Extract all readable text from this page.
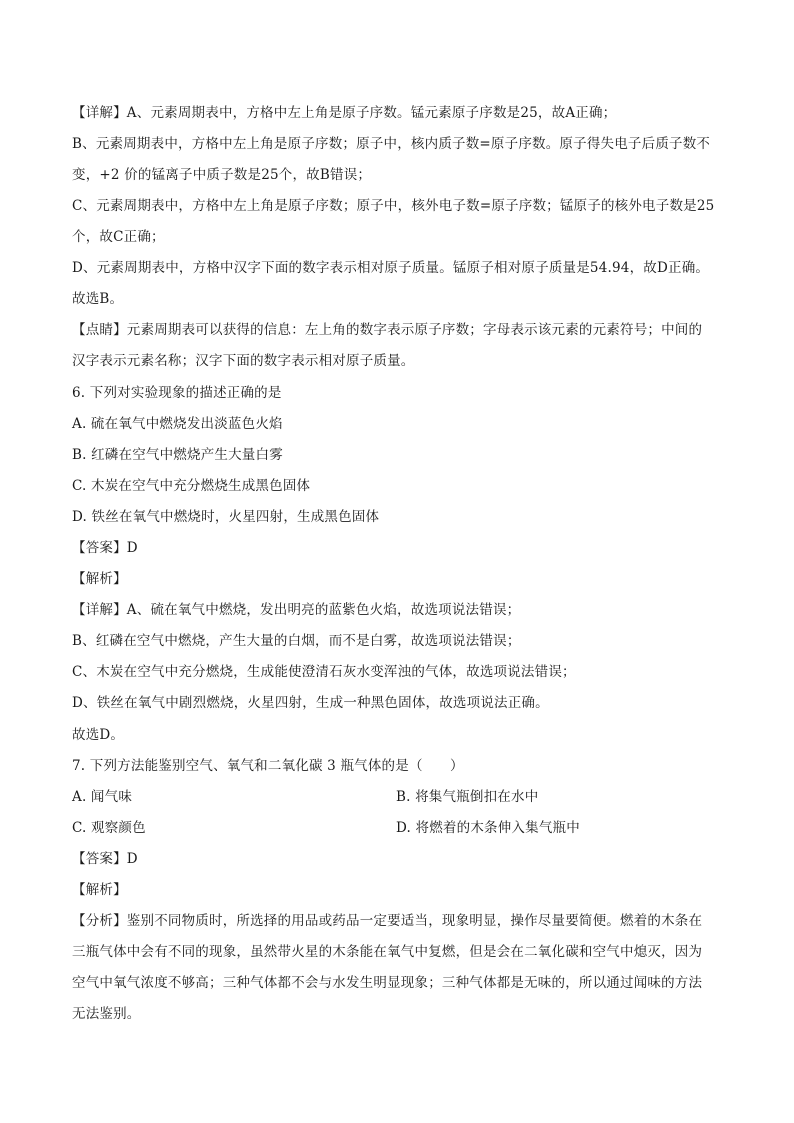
【详解】A、元素周期表中，方格中左上角是原子序数。锰元素原子序数是25，故A正确；
B、元素周期表中，方格中左上角是原子序数；原子中，核内质子数=原子序数。原子得失电子后质子数不
变，+2 价的锰离子中质子数是25个，故B错误；
C、元素周期表中，方格中左上角是原子序数；原子中，核外电子数=原子序数；锰原子的核外电子数是25
个，故C正确；
D、元素周期表中，方格中汉字下面的数字表示相对原子质量。锰原子相对原子质量是54.94，故D正确。
故选B。
【点睛】元素周期表可以获得的信息：左上角的数字表示原子序数；字母表示该元素的元素符号；中间的
汉字表示元素名称；汉字下面的数字表示相对原子质量。
6. 下列对实验现象的描述正确的是
A. 硫在氧气中燃烧发出淡蓝色火焰
B. 红磷在空气中燃烧产生大量白雾
C. 木炭在空气中充分燃烧生成黑色固体
D. 铁丝在氧气中燃烧时，火星四射，生成黑色固体
【答案】D
【解析】
【详解】A、硫在氧气中燃烧，发出明亮的蓝紫色火焰，故选项说法错误；
B、红磷在空气中燃烧，产生大量的白烟，而不是白雾，故选项说法错误；
C、木炭在空气中充分燃烧，生成能使澄清石灰水变浑浊的气体，故选项说法错误；
D、铁丝在氧气中剧烈燃烧，火星四射，生成一种黑色固体，故选项说法正确。
故选D。
7. 下列方法能鉴别空气、氧气和二氧化碳 3 瓶气体的是（　　）
A. 闻气味	B. 将集气瓶倒扣在水中
C. 观察颜色	D. 将燃着的木条伸入集气瓶中
【答案】D
【解析】
【分析】鉴别不同物质时，所选择的用品或药品一定要适当，现象明显，操作尽量要简便。燃着的木条在
三瓶气体中会有不同的现象，虽然带火星的木条能在氧气中复燃，但是会在二氧化碳和空气中熄灭，因为
空气中氧气浓度不够高；三种气体都不会与水发生明显现象；三种气体都是无味的，所以通过闻味的方法
无法鉴别。
